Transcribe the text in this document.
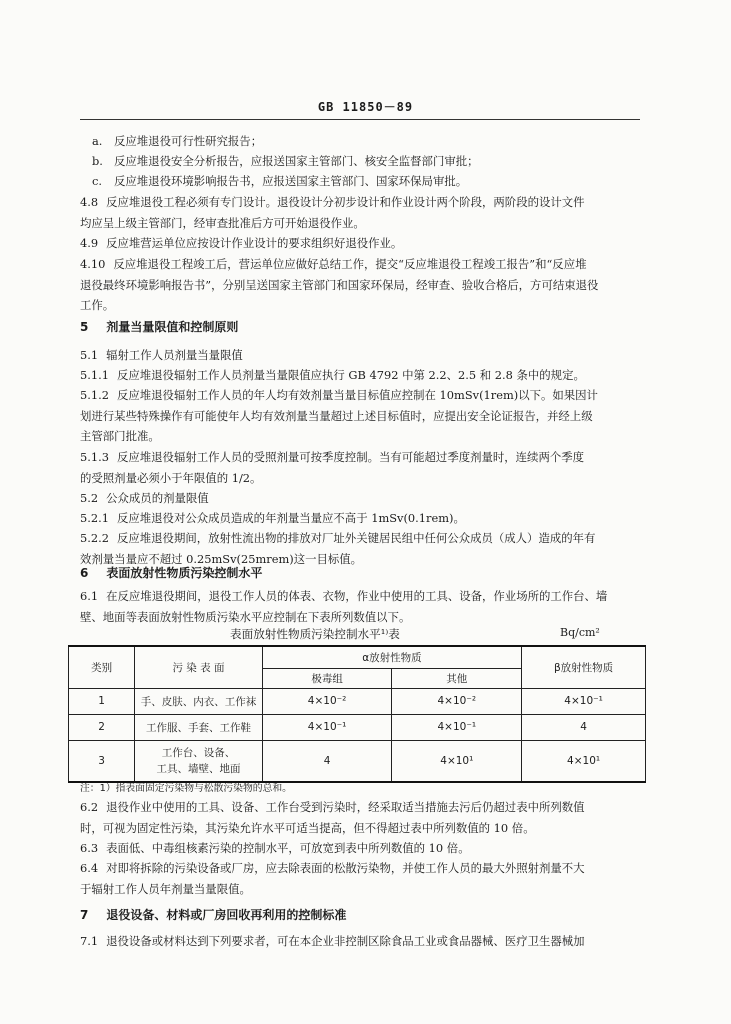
GB 11850－89
a. 反应堆退役可行性研究报告；
b. 反应堆退役安全分析报告，应报送国家主管部门、核安全监督部门审批；
c. 反应堆退役环境影响报告书，应报送国家主管部门、国家环保局审批。
4.8 反应堆退役工程必须有专门设计。退役设计分初步设计和作业设计两个阶段，两阶段的设计文件
均应呈上级主管部门，经审查批准后方可开始退役作业。
4.9 反应堆营运单位应按设计作业设计的要求组织好退役作业。
4.10 反应堆退役工程竣工后，营运单位应做好总结工作，提交“反应堆退役工程竣工报告”和“反应堆
退役最终环境影响报告书”，分别呈送国家主管部门和国家环保局，经审查、验收合格后，方可结束退役
工作。
5 剂量当量限值和控制原则
5.1 辐射工作人员剂量当量限值
5.1.1 反应堆退役辐射工作人员剂量当量限值应执行 GB 4792 中第 2.2、2.5 和 2.8 条中的规定。
5.1.2 反应堆退役辐射工作人员的年人均有效剂量当量目标值应控制在 10mSv(1rem)以下。如果因计
划进行某些特殊操作有可能使年人均有效剂量当量超过上述目标值时，应提出安全论证报告，并经上级
主管部门批准。
5.1.3 反应堆退役辐射工作人员的受照剂量可按季度控制。当有可能超过季度剂量时，连续两个季度
的受照剂量必须小于年限值的 1/2。
5.2 公众成员的剂量限值
5.2.1 反应堆退役对公众成员造成的年剂量当量应不高于 1mSv(0.1rem)。
5.2.2 反应堆退役期间，放射性流出物的排放对厂址外关键居民组中任何公众成员（成人）造成的年有
效剂量当量应不超过 0.25mSv(25mrem)这一目标值。
6 表面放射性物质污染控制水平
6.1 在反应堆退役期间，退役工作人员的体表、衣物，作业中使用的工具、设备，作业场所的工作台、墙
壁、地面等表面放射性物质污染水平应控制在下表所列数值以下。
表面放射性物质污染控制水平¹⁾表	Bq/cm²
类别	污 染 表 面	α放射性物质		β放射性物质
		极毒组	其他	
1	手、皮肤、内衣、工作袜	4×10⁻²	4×10⁻²	4×10⁻¹
2	工作服、手套、工作鞋	4×10⁻¹	4×10⁻¹	4
3	工作台、设备、
工具、墙壁、地面	4	4×10¹	4×10¹
注：1）指表面固定污染物与松散污染物的总和。
6.2 退役作业中使用的工具、设备、工作台受到污染时，经采取适当措施去污后仍超过表中所列数值
时，可视为固定性污染，其污染允许水平可适当提高，但不得超过表中所列数值的 10 倍。
6.3 表面低、中毒组核素污染的控制水平，可放宽到表中所列数值的 10 倍。
6.4 对即将拆除的污染设备或厂房，应去除表面的松散污染物，并使工作人员的最大外照射剂量不大
于辐射工作人员年剂量当量限值。
7 退役设备、材料或厂房回收再利用的控制标准
7.1 退役设备或材料达到下列要求者，可在本企业非控制区除食品工业或食品器械、医疗卫生器械加
